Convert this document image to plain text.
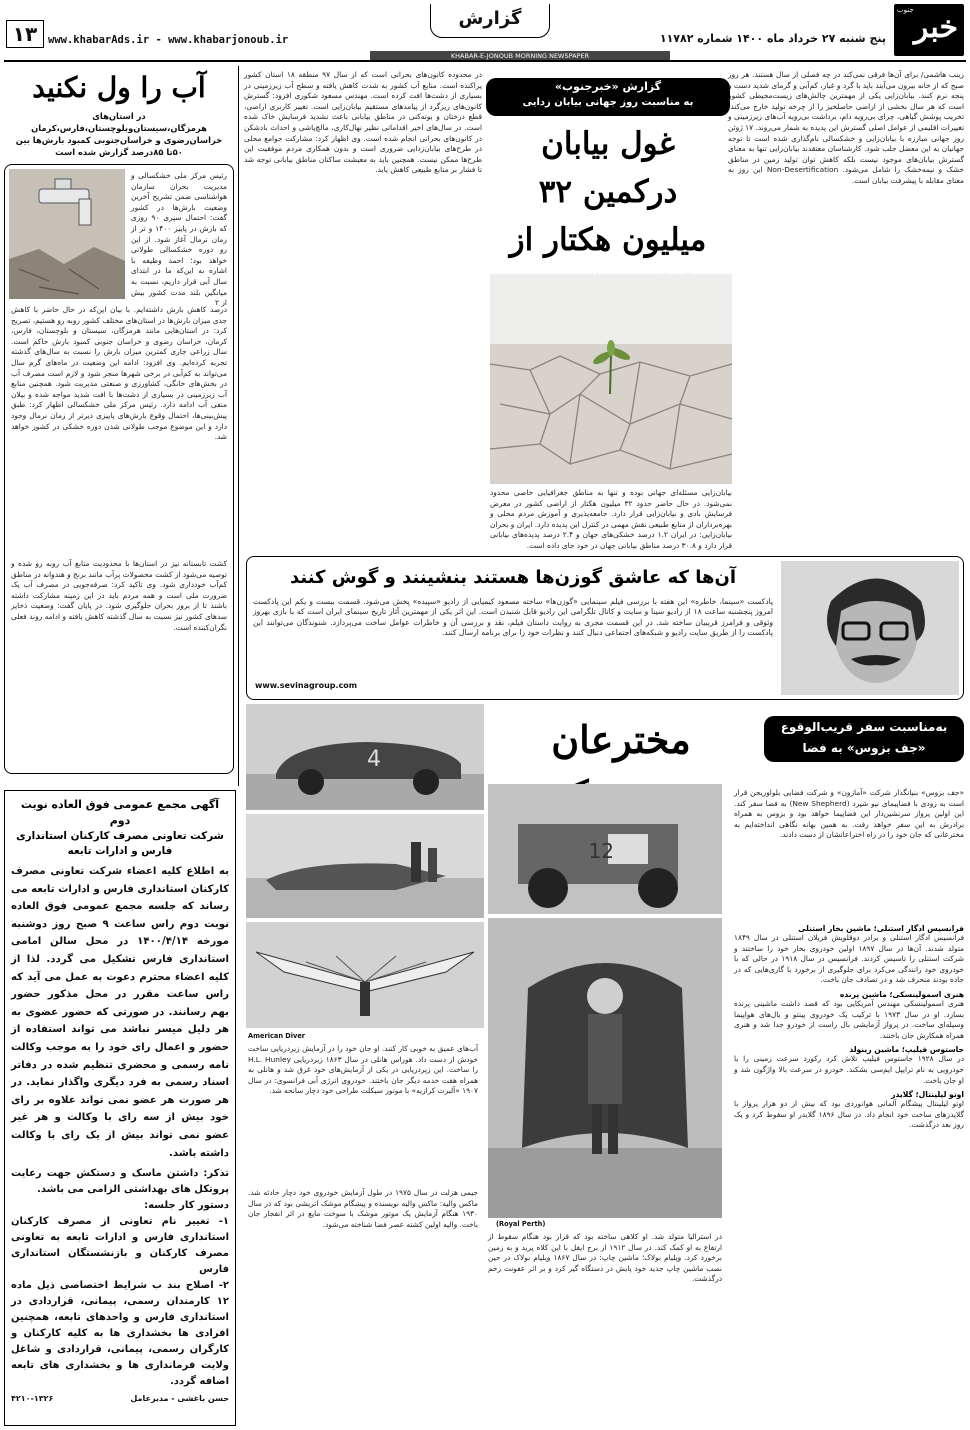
خبر
جنوب
گزارش
پنج شنبه ۲۷ خرداد ماه ۱۴۰۰ شماره ۱۱۷۸۲
www.khabarAds.ir - www.khabarjonoub.ir
۱۳
KHABAR-E-JONOUB MORNING NEWSPAPER
آب را ول نکنید
در استان‌های هرمزگان،سیستان‌وبلوچستان،فارس،کرمان خراسان‌رضوی و خراسان‌جنوبی کمبود بارش‌ها بین ۵۰تا ۸۵درصد گزارش شده است
رئیس مرکز ملی خشکسالی و مدیریت بحران سازمان هواشناسی ضمن تشریح آخرین وضعیت بارش‌ها در کشور گفت: احتمال سپری ۹۰ روزی که بارش در پاییز ۱۴۰۰ و تر از زمان نرمال آغاز شود. از این رو دوره خشکسالی طولانی خواهد بود؛ احمد وظیفه با اشاره به این‌که ما در ابتدای سال آبی قرار داریم، نسبت به میانگین بلند مدت کشور بیش از ۲
درصد کاهش بارش داشته‌ایم. با بیان این‌که در حال حاضر با کاهش جدی میزان بارش‌ها در استان‌های مختلف کشور روبه رو هستیم، تصریح کرد: در استان‌هایی مانند هرمزگان، سیستان و بلوچستان، فارس، کرمان، خراسان رضوی و خراسان جنوبی کمبود بارش حاکم است. سال زراعی جاری کمترین میزان بارش را نسبت به سال‌های گذشته تجربه کرده‌ایم. وی افزود: ادامه این وضعیت در ماه‌های گرم سال می‌تواند به کم‌آبی در برخی شهرها منجر شود و لازم است مصرف آب در بخش‌های خانگی، کشاورزی و صنعتی مدیریت شود. همچنین منابع آب زیرزمینی در بسیاری از دشت‌ها با افت شدید مواجه شده و بیلان منفی آب ادامه دارد. رئیس مرکز ملی خشکسالی اظهار کرد: طبق پیش‌بینی‌ها، احتمال وقوع بارش‌های پاییزی دیرتر از زمان نرمال وجود دارد و این موضوع موجب طولانی شدن دوره خشکی در کشور خواهد شد.
کشت تابستانه نیز در استان‌ها با محدودیت منابع آب روبه رو شده و توصیه می‌شود از کشت محصولات پرآب مانند برنج و هندوانه در مناطق کم‌آب خودداری شود. وی تاکید کرد: صرفه‌جویی در مصرف آب یک ضرورت ملی است و همه مردم باید در این زمینه مشارکت داشته باشند تا از بروز بحران جلوگیری شود. در پایان گفت: وضعیت ذخایر سدهای کشور نیز نسبت به سال گذشته کاهش یافته و ادامه روند فعلی نگران‌کننده است.
گزارش «خبرجنوب»
به مناسبت روز جهانی بیابان زدایی
غول بیابان درکمین ۳۲ میلیون هکتار از
زینب هاشمی/ برای آن‌ها فرقی نمی‌کند در چه فصلی از سال هستند. هر روز صبح که از خانه بیرون می‌آیند باید با گرد و غبار، کم‌آبی و گرمای شدید دست و پنجه نرم کنند. بیابان‌زایی یکی از مهمترین چالش‌های زیست‌محیطی کشور است که هر سال بخشی از اراضی حاصلخیز را از چرخه تولید خارج می‌کند. تخریب پوشش گیاهی، چرای بی‌رویه دام، برداشت بی‌رویه آب‌های زیرزمینی و تغییرات اقلیمی از عوامل اصلی گسترش این پدیده به شمار می‌روند. ۱۷ ژوئن روز جهانی مبارزه با بیابان‌زایی و خشکسالی نام‌گذاری شده است تا توجه جهانیان به این معضل جلب شود. کارشناسان معتقدند بیابان‌زایی تنها به معنای گسترش بیابان‌های موجود نیست بلکه کاهش توان تولید زمین در مناطق خشک و نیمه‌خشک را شامل می‌شود. Non-Desertification این روز به معنای مقابله با پیشرفت بیابان است.
بیابان‌زایی مسئله‌ای جهانی بوده و تنها به مناطق جغرافیایی خاصی محدود نمی‌شود. در حال حاضر حدود ۳۲ میلیون هکتار از اراضی کشور در معرض فرسایش بادی و بیابان‌زایی قرار دارد. جامعه‌پذیری و آموزش مردم محلی و بهره‌برداران از منابع طبیعی نقش مهمی در کنترل این پدیده دارد. ایران و بحران بیابان‌زایی: در ایران ۱.۲ درصد خشکی‌های جهان و ۲.۴ درصد پدیده‌های بیابانی قرار دارد و ۳۰.۸ درصد مناطق بیابانی جهان در خود جای داده است.
در محدوده کانون‌های بحرانی است که از سال ۹۷ منطقه ۱۸ استان کشور پراکنده است. منابع آب کشور به شدت کاهش یافته و سطح آب زیرزمینی در بسیاری از دشت‌ها افت کرده است. مهندس مسعود شکوری افزود: گسترش کانون‌های ریزگرد از پیامدهای مستقیم بیابان‌زایی است. تغییر کاربری اراضی، قطع درختان و بوته‌کنی در مناطق بیابانی باعث تشدید فرسایش خاک شده است. در سال‌های اخیر اقداماتی نظیر نهال‌کاری، مالچ‌پاشی و احداث بادشکن در کانون‌های بحرانی انجام شده است. وی اظهار کرد: مشارکت جوامع محلی در طرح‌های بیابان‌زدایی ضروری است و بدون همکاری مردم موفقیت این طرح‌ها ممکن نیست. همچنین باید به معیشت ساکنان مناطق بیابانی توجه شد تا فشار بر منابع طبیعی کاهش یابد.
آن‌ها که عاشق گوزن‌ها هستند بنشینند و گوش کنند
پادکست «سینما، خاطره» این هفته با بررسی فیلم سینمایی «گوزن‌ها» ساخته مسعود کیمیایی از رادیو «سپیده» پخش می‌شود. قسمت بیست و یکم این پادکست امروز پنجشنبه ساعت ۱۸ از رادیو سینا و سایت و کانال تلگرامی این رادیو قابل شنیدن است. این اثر یکی از مهمترین آثار تاریخ سینمای ایران است که با بازی بهروز وثوقی و فرامرز قریبیان ساخته شد. در این قسمت مجری به روایت داستان فیلم، نقد و بررسی آن و خاطرات عوامل ساخت می‌پردازد. شنوندگان می‌توانند این پادکست را از طریق سایت رادیو و شبکه‌های اجتماعی دنبال کنند و نظرات خود را برای برنامه ارسال کنند.
www.sevinagroup.com
به‌مناسبت سفر قریب‌الوقوع
«جف بزوس» به فضا
مخترعان
4
12
«جف بزوس» بنیانگذار شرکت «آمازون» و شرکت فضایی بلواوریجن قرار است به زودی با فضاپیمای نیو شپرد (New Shepherd) به فضا سفر کند. این اولین پرواز سرنشین‌دار این فضاپیما خواهد بود و بزوس به همراه برادرش به این سفر خواهد رفت. به همین بهانه نگاهی انداخته‌ایم به مخترعانی که جان خود را در راه اختراعاتشان از دست دادند.
فرانسیس ادگار استنلی؛ ماشین بخار استنلی
فرانسیس ادگار استنلی و برادر دوقلویش فریلان استنلی در سال ۱۸۴۹ متولد شدند. آن‌ها در سال ۱۸۹۷ اولین خودروی بخار خود را ساختند و شرکت استنلی را تاسیس کردند. فرانسیس در سال ۱۹۱۸ در حالی که با خودروی خود رانندگی می‌کرد برای جلوگیری از برخورد با گاری‌هایی که در جاده بودند منحرف شد و در تصادف جان باخت.
هنری اسمولینسکی؛ ماشین پرنده
هنری اسمولینسکی مهندس آمریکایی بود که قصد داشت ماشینی پرنده بسازد. او در سال ۱۹۷۳ با ترکیب یک خودروی پینتو و بال‌های هواپیما وسیله‌ای ساخت. در پرواز آزمایشی بال راست از خودرو جدا شد و هنری همراه همکارش جان باختند.
جاستوس فیلیپ؛ ماشین رینولد
در سال ۱۹۲۸ جاستوس فیلیپ تلاش کرد رکورد سرعت زمینی را با خودرویی به نام ترایپل ایم‌سی بشکند. خودرو در سرعت بالا واژگون شد و او جان باخت.
اوتو لیلینتال؛ گلایدر
اوتو لیلینتال پیشگام آلمانی هوانوردی بود که بیش از دو هزار پرواز با گلایدرهای ساخت خود انجام داد. در سال ۱۸۹۶ گلایدر او سقوط کرد و یک روز بعد درگذشت.
(Royal Perth)
American Diver
آب‌های عمیق به خوبی کار کنند. او جان خود را در آزمایش زیردریایی ساخت خودش از دست داد. هوراس هانلی در سال ۱۸۶۳ زیردریایی H.L. Hunley را ساخت. این زیردریایی در یکی از آزمایش‌های خود غرق شد و هانلی به همراه هفت خدمه دیگر جان باختند. خودروی انرژی آبی فرانسوی: در سال ۱۹۰۷ «آلبرت کرازیه» با موتور سیکلت طراحی خود دچار سانحه شد.
در استرالیا متولد شد. او کلاهی ساخته بود که قرار بود هنگام سقوط از ارتفاع به او کمک کند. در سال ۱۹۱۲ از برج ایفل با این کلاه پرید و به زمین برخورد کرد. ویلیام بولاک؛ ماشین چاپ: در سال ۱۸۶۷ ویلیام بولاک در حین نصب ماشین چاپ جدید خود پایش در دستگاه گیر کرد و بر اثر عفونت زخم درگذشت.
جیمی هزلت در سال ۱۹۷۵ در طول آزمایش خودروی خود دچار حادثه شد. ماکس والیه: ماکس والیه نویسنده و پیشگام موشک اتریشی بود که در سال ۱۹۳۰ هنگام آزمایش یک موتور موشک با سوخت مایع در اثر انفجار جان باخت. والیه اولین کشته عصر فضا شناخته می‌شود.
آگهی مجمع عمومی فوق العاده نوبت دوم
شرکت تعاونی مصرف کارکنان استانداری فارس و ادارات تابعه
به اطلاع کلیه اعضاء شرکت تعاونی مصرف کارکنان استانداری فارس و ادارات تابعه می رساند که جلسه مجمع عمومی فوق العاده نوبت دوم راس ساعت ۹ صبح روز دوشنبه مورخه ۱۴۰۰/۴/۱۴ در محل سالن امامی استانداری فارس تشکیل می گردد. لذا از کلیه اعضاء محترم دعوت به عمل می آید که راس ساعت مقرر در محل مذکور حضور بهم رسانند. در صورتی که حضور عضوی به هر دلیل میسر نباشد می تواند استفاده از حضور و اعمال رای خود را به موجب وکالت نامه رسمی و محضری تنظیم شده در دفاتر اسناد رسمی به فرد دیگری واگذار نماید. در هر صورت هر عضو نمی تواند علاوه بر رای خود بیش از سه رای با وکالت و هر غیر عضو نمی تواند بیش از یک رای با وکالت داشته باشد.
تذکر: داشتن ماسک و دستکش جهت رعایت پروتکل های بهداشتی الزامی می باشد.
دستور کار جلسه:
۱- تغییر نام تعاونی از مصرف کارکنان استانداری فارس و ادارات تابعه به تعاونی مصرف کارکنان و بازنشستگان استانداری فارس
۲- اصلاح بند ب شرایط اختصاصی ذیل ماده ۱۲ کارمندان رسمی، پیمانی، قراردادی در استانداری فارس و واحدهای تابعه، همچنین افرادی ها بخشداری ها به کلیه کارکنان و کارگران رسمی، پیمانی، قراردادی و شاغل ولایت فرمانداری ها و بخشداری های تابعه اضافه گردد.
حسن باغشی - مدیرعامل
۴۲۱۰-۱۳۲۶
